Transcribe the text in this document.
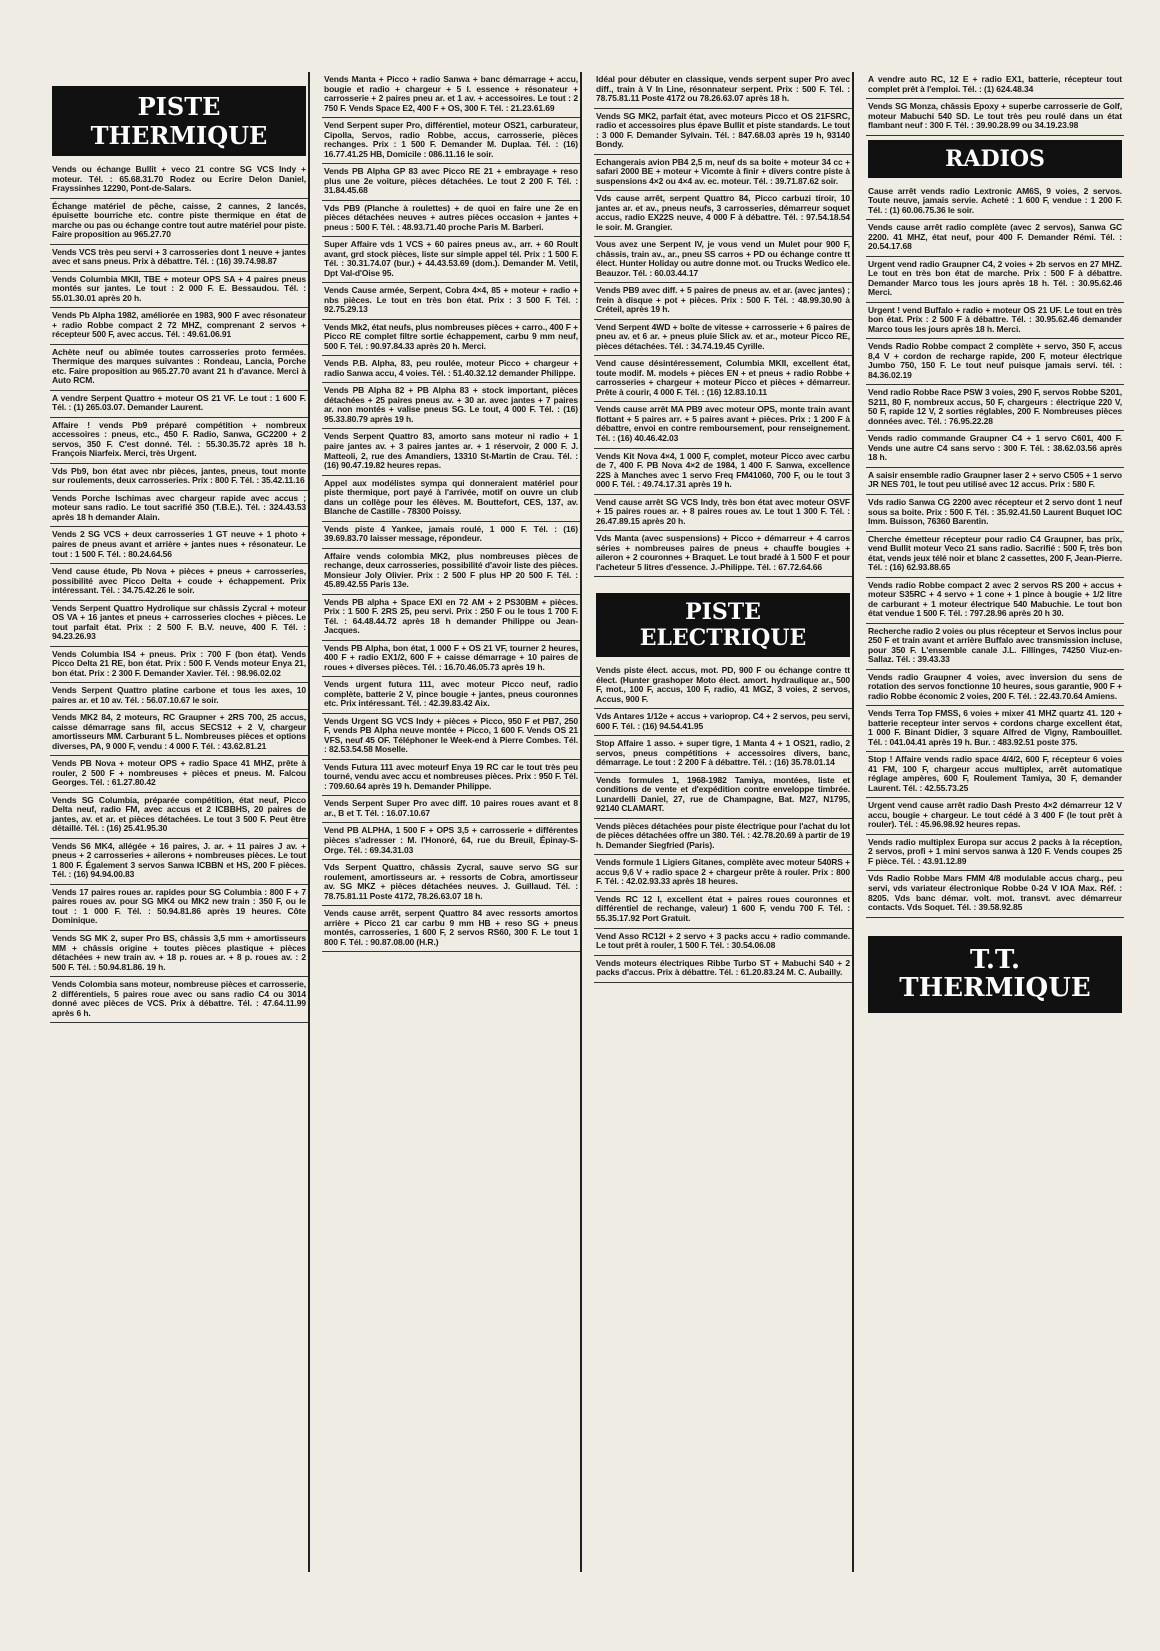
PISTE THERMIQUE
Vends ou échange Bullit + veco 21 contre SG VCS Indy + moteur. Tél. : 65.68.31.70 Rodez ou Ecrire Delon Daniel, Frayssinhes 12290, Pont-de-Salars.
Échange matériel de pêche, caisse, 2 cannes, 2 lancés, épuisette bourriche etc. contre piste thermique en état de marche ou pas ou échange contre tout autre matériel pour piste. Faire proposition au 965.27.70
Vends VCS très peu servi + 3 carrosseries dont 1 neuve + jantes avec et sans pneus. Prix à débattre. Tél. : (16) 39.74.98.87
Vends Columbia MKII, TBE + moteur OPS SA + 4 paires pneus montés sur jantes. Le tout : 2 000 F. E. Bessaudou. Tél. : 55.01.30.01 après 20 h.
Vends Pb Alpha 1982, améliorée en 1983, 900 F avec résonateur + radio Robbe compact 2 72 MHZ, comprenant 2 servos + récepteur 500 F, avec accus. Tél. : 49.61.06.91
Achète neuf ou abîmée toutes carrosseries proto fermées. Thermique des marques suivantes : Rondeau, Lancia, Porche etc. Faire proposition au 965.27.70 avant 21 h d'avance. Merci à Auto RCM.
A vendre Serpent Quattro + moteur OS 21 VF. Le tout : 1 600 F. Tél. : (1) 265.03.07. Demander Laurent.
Affaire ! vends Pb9 préparé compétition + nombreux accessoires : pneus, etc., 450 F. Radio, Sanwa, GC2200 + 2 servos, 350 F. C'est donné. Tél. : 55.30.35.72 après 18 h. François Niarfeix. Merci, très Urgent.
Vds Pb9, bon état avec nbr pièces, jantes, pneus, tout monte sur roulements, deux carrosseries. Prix : 800 F. Tél. : 35.42.11.16
Vends Porche Ischimas avec chargeur rapide avec accus ; moteur sans radio. Le tout sacrifié 350 (T.B.E.). Tél. : 324.43.53 après 18 h demander Alain.
Vends 2 SG VCS + deux carrosseries 1 GT neuve + 1 photo + paires de pneus avant et arrière + jantes nues + résonateur. Le tout : 1 500 F. Tél. : 80.24.64.56
Vend cause étude, Pb Nova + pièces + pneus + carrosseries, possibilité avec Picco Delta + coude + échappement. Prix intéressant. Tél. : 34.75.42.26 le soir.
Vends Serpent Quattro Hydrolique sur châssis Zycral + moteur OS VA + 16 jantes et pneus + carrosseries cloches + pièces. Le tout parfait état. Prix : 2 500 F. B.V. neuve, 400 F. Tél. : 94.23.26.93
Vends Columbia IS4 + pneus. Prix : 700 F (bon état). Vends Picco Delta 21 RE, bon état. Prix : 500 F. Vends moteur Enya 21, bon état. Prix : 2 300 F. Demander Xavier. Tél. : 98.96.02.02
Vends Serpent Quattro platine carbone et tous les axes, 10 paires ar. et 10 av. Tél. : 56.07.10.67 le soir.
Vends MK2 84, 2 moteurs, RC Graupner + 2RS 700, 25 accus, caisse démarrage sans fil, accus SECS12 + 2 V, chargeur amortisseurs MM. Carburant 5 L. Nombreuses pièces et options diverses, PA, 9 000 F, vendu : 4 000 F. Tél. : 43.62.81.21
Vends PB Nova + moteur OPS + radio Space 41 MHZ, prête à rouler, 2 500 F + nombreuses + pièces et pneus. M. Falcou Georges. Tél. : 61.27.80.42
Vends SG Columbia, préparée compétition, état neuf, Picco Delta neuf, radio FM, avec accus et 2 ICBBHS, 20 paires de jantes, av. et ar. et pièces détachées. Le tout 3 500 F. Peut être détaillé. Tél. : (16) 25.41.95.30
Vends S6 MK4, allégée + 16 paires, J. ar. + 11 paires J av. + pneus + 2 carrosseries + ailerons + nombreuses pièces. Le tout 1 800 F. Également 3 servos Sanwa ICBBN et HS, 200 F pièces. Tél. : (16) 94.94.00.83
Vends 17 paires roues ar. rapides pour SG Columbia : 800 F + 7 paires roues av. pour SG MK4 ou MK2 new train : 350 F, ou le tout : 1 000 F. Tél. : 50.94.81.86 après 19 heures. Côte Dominique.
Vends SG MK 2, super Pro BS, châssis 3,5 mm + amortisseurs MM + châssis origine + toutes pièces plastique + pièces détachées + new train av. + 18 p. roues ar. + 8 p. roues av. : 2 500 F. Tél. : 50.94.81.86. 19 h.
Vends Colombia sans moteur, nombreuse pièces et carrosserie, 2 différentiels, 5 paires roue avec ou sans radio C4 ou 3014 donné avec pièces de VCS. Prix à débattre. Tél. : 47.64.11.99 après 6 h.
Vends Manta + Picco + radio Sanwa + banc démarrage + accu, bougie et radio + chargeur + 5 l. essence + résonateur + carrosserie + 2 paires pneu ar. et 1 av. + accessoires. Le tout : 2 750 F. Vends Space E2, 400 F + OS, 300 F. Tél. : 21.23.61.69
Vend Serpent super Pro, différentiel, moteur OS21, carburateur, Cipolla, Servos, radio Robbe, accus, carrosserie, pièces rechanges. Prix : 1 500 F. Demander M. Duplaa. Tél. : (16) 16.77.41.25 HB, Domicile : 086.11.16 le soir.
Vends PB Alpha GP 83 avec Picco RE 21 + embrayage + reso plus une 2e voiture, pièces détachées. Le tout 2 200 F. Tél. : 31.84.45.68
Vds PB9 (Planche à roulettes) + de quoi en faire une 2e en pièces détachées neuves + autres pièces occasion + jantes + pneus : 500 F. Tél. : 48.93.71.40 proche Paris M. Barberi.
Super Affaire vds 1 VCS + 60 paires pneus av., arr. + 60 Roult avant, grd stock pièces, liste sur simple appel tél. Prix : 1 500 F. Tél. : 30.31.74.07 (bur.) + 44.43.53.69 (dom.). Demander M. Vetil, Dpt Val-d'Oise 95.
Vends Cause armée, Serpent, Cobra 4×4, 85 + moteur + radio + nbs pièces. Le tout en très bon état. Prix : 3 500 F. Tél. : 92.75.29.13
Vends Mk2, état neufs, plus nombreuses pièces + carro., 400 F + Picco RE complet filtre sortie échappement, carbu 9 mm neuf, 500 F. Tél. : 90.97.84.33 après 20 h. Merci.
Vends P.B. Alpha, 83, peu roulée, moteur Picco + chargeur + radio Sanwa accu, 4 voies. Tél. : 51.40.32.12 demander Philippe.
Vends PB Alpha 82 + PB Alpha 83 + stock important, pièces détachées + 25 paires pneus av. + 30 ar. avec jantes + 7 paires ar. non montés + valise pneus SG. Le tout, 4 000 F. Tél. : (16) 95.33.80.79 après 19 h.
Vends Serpent Quattro 83, amorto sans moteur ni radio + 1 paire jantes av. + 3 paires jantes ar. + 1 réservoir, 2 000 F. J. Matteoli, 2, rue des Amandiers, 13310 St-Martin de Crau. Tél. : (16) 90.47.19.82 heures repas.
Appel aux modélistes sympa qui donneraient matériel pour piste thermique, port payé à l'arrivée, motif on ouvre un club dans un collège pour les élèves. M. Bouttefort, CES, 137, av. Blanche de Castille - 78300 Poissy.
Vends piste 4 Yankee, jamais roulé, 1 000 F. Tél. : (16) 39.69.83.70 laisser message, répondeur.
Affaire vends colombia MK2, plus nombreuses pièces de rechange, deux carrosseries, possibilité d'avoir liste des pièces. Monsieur Joly Olivier. Prix : 2 500 F plus HP 20 500 F. Tél. : 45.89.42.55 Paris 13e.
Vends PB alpha + Space EXI en 72 AM + 2 PS30BM + pièces. Prix : 1 500 F. 2RS 25, peu servi. Prix : 250 F ou le tous 1 700 F. Tél. : 64.48.44.72 après 18 h demander Philippe ou Jean-Jacques.
Vends PB Alpha, bon état, 1 000 F + OS 21 VF, tourner 2 heures, 400 F + radio EX1/2, 600 F + caisse démarrage + 10 paires de roues + diverses pièces. Tél. : 16.70.46.05.73 après 19 h.
Vends urgent futura 111, avec moteur Picco neuf, radio complète, batterie 2 V, pince bougie + jantes, pneus couronnes etc. Prix intéressant. Tél. : 42.39.83.42 Aix.
Vends Urgent SG VCS Indy + pièces + Picco, 950 F et PB7, 250 F, vends PB Alpha neuve montée + Picco, 1 600 F. Vends OS 21 VFS, neuf 45 OF. Téléphoner le Week-end à Pierre Combes. Tél. : 82.53.54.58 Moselle.
Vends Futura 111 avec moteurf Enya 19 RC car le tout très peu tourné, vendu avec accu et nombreuses pièces. Prix : 950 F. Tél. : 709.60.64 après 19 h. Demander Philippe.
Vends Serpent Super Pro avec diff. 10 paires roues avant et 8 ar., B et T. Tél. : 16.07.10.67
Vend PB ALPHA, 1 500 F + OPS 3,5 + carrosserie + différentes pièces s'adresser : M. l'Honoré, 64, rue du Breuil, Épinay-S-Orge. Tél. : 69.34.31.03
Vds Serpent Quattro, châssis Zycral, sauve servo SG sur roulement, amortisseurs ar. + ressorts de Cobra, amortisseur av. SG MKZ + pièces détachées neuves. J. Guillaud. Tél. : 78.75.81.11 Poste 4172, 78.26.63.07 18 h.
Vends cause arrêt, serpent Quattro 84 avec ressorts amortos arrière + Picco 21 car carbu 9 mm HB + reso SG + pneus montés, carrosseries, 1 600 F, 2 servos RS60, 300 F. Le tout 1 800 F. Tél. : 90.87.08.00 (H.R.)
Idéal pour débuter en classique, vends serpent super Pro avec diff., train à V In Line, résonnateur serpent. Prix : 500 F. Tél. : 78.75.81.11 Poste 4172 ou 78.26.63.07 après 18 h.
Vends SG MK2, parfait état, avec moteurs Picco et OS 21FSRC, radio et accessoires plus épave Bullit et piste standards. Le tout : 3 000 F. Demander Sylvain. Tél. : 847.68.03 après 19 h, 93140 Bondy.
Echangerais avion PB4 2,5 m, neuf ds sa boite + moteur 34 cc + safari 2000 BE + moteur + Vicomte à finir + divers contre piste à suspensions 4×2 ou 4×4 av. ec. moteur. Tél. : 39.71.87.62 soir.
Vds cause arrêt, serpent Quattro 84, Picco carbuzi tiroir, 10 jantes ar. et av., pneus neufs, 3 carrosseries, démarreur soquet accus, radio EX22S neuve, 4 000 F à débattre. Tél. : 97.54.18.54 le soir. M. Grangier.
Vous avez une Serpent IV, je vous vend un Mulet pour 900 F, châssis, train av., ar., pneu SS carros + PD ou échange contre tt élect. Hunter Holiday ou autre donne mot. ou Trucks Wedico ele. Beauzor. Tél. : 60.03.44.17
Vends PB9 avec diff. + 5 paires de pneus av. et ar. (avec jantes) ; frein à disque + pot + pièces. Prix : 500 F. Tél. : 48.99.30.90 à Créteil, après 19 h.
Vend Serpent 4WD + boîte de vitesse + carrosserie + 6 paires de pneu av. et 6 ar. + pneus pluie Slick av. et ar., moteur Picco RE, pièces détachées. Tél. : 34.74.19.45 Cyrille.
Vend cause désintéressement, Columbia MKII, excellent état, toute modif. M. models + pièces EN + et pneus + radio Robbe + carrosseries + chargeur + moteur Picco et pièces + démarreur. Prête à courir, 4 000 F. Tél. : (16) 12.83.10.11
Vends cause arrêt MA PB9 avec moteur OPS, monte train avant flottant + 5 paires arr. + 5 paires avant + pièces. Prix : 1 200 F à débattre, envoi en contre remboursement, pour renseignement. Tél. : (16) 40.46.42.03
Vends Kit Nova 4×4, 1 000 F, complet, moteur Picco avec carbu de 7, 400 F. PB Nova 4×2 de 1984, 1 400 F. Sanwa, excellence 22S à Manches avec 1 servo Freq FM41060, 700 F, ou le tout 3 000 F. Tél. : 49.74.17.31 après 19 h.
Vend cause arrêt SG VCS Indy, très bon état avec moteur OSVF + 15 paires roues ar. + 8 paires roues av. Le tout 1 300 F. Tél. : 26.47.89.15 après 20 h.
Vds Manta (avec suspensions) + Picco + démarreur + 4 carros séries + nombreuses paires de pneus + chauffe bougies + aileron + 2 couronnes + Braquet. Le tout bradé à 1 500 F et pour l'acheteur 5 litres d'essence. J.-Philippe. Tél. : 67.72.64.66
PISTE ELECTRIQUE
Vends piste élect. accus, mot. PD, 900 F ou échange contre tt élect. (Hunter grashoper Moto élect. amort. hydraulique ar., 500 F, mot., 100 F, accus, 100 F, radio, 41 MGZ, 3 voies, 2 servos, Accus, 900 F.
Vds Antares 1/12e + accus + varioprop. C4 + 2 servos, peu servi, 600 F. Tél. : (16) 94.54.41.95
Stop Affaire 1 asso. + super tigre, 1 Manta 4 + 1 OS21, radio, 2 servos, pneus compétitions + accessoires divers, banc, démarrage. Le tout : 2 200 F à débattre. Tél. : (16) 35.78.01.14
Vends formules 1, 1968-1982 Tamiya, montées, liste et conditions de vente et d'expédition contre enveloppe timbrée. Lunardelli Daniel, 27, rue de Champagne, Bat. M27, N1795, 92140 CLAMART.
Vends pièces détachées pour piste électrique pour l'achat du lot de pièces détachées offre un 380. Tél. : 42.78.20.69 à partir de 19 h. Demander Siegfried (Paris).
Vends formule 1 Ligiers Gitanes, complète avec moteur 540RS + accus 9,6 V + radio space 2 + chargeur prête à rouler. Prix : 800 F. Tél. : 42.02.93.33 après 18 heures.
Vends RC 12 I, excellent état + paires roues couronnes et différentiel de rechange, valeur) 1 600 F, vendu 700 F. Tél. : 55.35.17.92 Port Gratuit.
Vend Asso RC12I + 2 servo + 3 packs accu + radio commande. Le tout prêt à rouler, 1 500 F. Tél. : 30.54.06.08
Vends moteurs électriques Ribbe Turbo ST + Mabuchi S40 + 2 packs d'accus. Prix à débattre. Tél. : 61.20.83.24 M. C. Aubailly.
A vendre auto RC, 12 E + radio EX1, batterie, récepteur tout complet prêt à l'emploi. Tél. : (1) 624.48.34
Vends SG Monza, châssis Epoxy + superbe carrosserie de Golf, moteur Mabuchi 540 SD. Le tout très peu roulé dans un état flambant neuf : 300 F. Tél. : 39.90.28.99 ou 34.19.23.98
RADIOS
Cause arrêt vends radio Lextronic AM6S, 9 voies, 2 servos. Toute neuve, jamais servie. Acheté : 1 600 F, vendue : 1 200 F. Tél. : (1) 60.06.75.36 le soir.
Vends cause arrêt radio complète (avec 2 servos), Sanwa GC 2200. 41 MHZ, état neuf, pour 400 F. Demander Rémi. Tél. : 20.54.17.68
Urgent vend radio Graupner C4, 2 voies + 2b servos en 27 MHZ. Le tout en très bon état de marche. Prix : 500 F à débattre. Demander Marco tous les jours après 18 h. Tél. : 30.95.62.46 Merci.
Urgent ! vend Buffalo + radio + moteur OS 21 UF. Le tout en très bon état. Prix : 2 500 F à débattre. Tél. : 30.95.62.46 demander Marco tous les jours après 18 h. Merci.
Vends Radio Robbe compact 2 complète + servo, 350 F, accus 8,4 V + cordon de recharge rapide, 200 F, moteur électrique Jumbo 750, 150 F. Le tout neuf puisque jamais servi. tél. : 84.36.02.19
Vend radio Robbe Race PSW 3 voies, 290 F, servos Robbe S201, S211, 80 F, nombreux accus, 50 F, chargeurs : électrique 220 V, 50 F, rapide 12 V, 2 sorties réglables, 200 F. Nombreuses pièces données avec. Tél. : 76.95.22.28
Vends radio commande Graupner C4 + 1 servo C601, 400 F. Vends une autre C4 sans servo : 300 F. Tél. : 38.62.03.56 après 18 h.
A saisir ensemble radio Graupner laser 2 + servo C505 + 1 servo JR NES 701, le tout peu utilisé avec 12 accus. Prix : 580 F.
Vds radio Sanwa CG 2200 avec récepteur et 2 servo dont 1 neuf sous sa boite. Prix : 500 F. Tél. : 35.92.41.50 Laurent Buquet IOC Imm. Buisson, 76360 Barentin.
Cherche émetteur récepteur pour radio C4 Graupner, bas prix, vend Bullit moteur Veco 21 sans radio. Sacrifié : 500 F, très bon état, vends jeux télé noir et blanc 2 cassettes, 200 F, Jean-Pierre. Tél. : (16) 62.93.88.65
Vends radio Robbe compact 2 avec 2 servos RS 200 + accus + moteur S35RC + 4 servo + 1 cone + 1 pince à bougie + 1/2 litre de carburant + 1 moteur électrique 540 Mabuchie. Le tout bon état vendue 1 500 F. Tél. : 797.28.96 après 20 h 30.
Recherche radio 2 voies ou plus récepteur et Servos inclus pour 250 F et train avant et arrière Buffalo avec transmission incluse, pour 350 F. L'ensemble canale J.L. Fillinges, 74250 Viuz-en-Sallaz. Tél. : 39.43.33
Vends radio Graupner 4 voies, avec inversion du sens de rotation des servos fonctionne 10 heures, sous garantie, 900 F + radio Robbe économic 2 voies, 200 F. Tél. : 22.43.70.64 Amiens.
Vends Terra Top FMSS, 6 voies + mixer 41 MHZ quartz 41. 120 + batterie recepteur inter servos + cordons charge excellent état, 1 000 F. Binant Didier, 3 square Alfred de Vigny, Rambouillet. Tél. : 041.04.41 après 19 h. Bur. : 483.92.51 poste 375.
Stop ! Affaire vends radio space 4/4/2, 600 F, récepteur 6 voies 41 FM, 100 F, chargeur accus multiplex, arrêt automatique réglage ampères, 600 F, Roulement Tamiya, 30 F, demander Laurent. Tél. : 42.55.73.25
Urgent vend cause arrêt radio Dash Presto 4×2 démarreur 12 V accu, bougie + chargeur. Le tout cédé à 3 400 F (le tout prêt à rouler). Tél. : 45.96.98.92 heures repas.
Vends radio multiplex Europa sur accus 2 packs à la réception, 2 servos, profi + 1 mini servos sanwa à 120 F. Vends coupes 25 F pièce. Tél. : 43.91.12.89
Vds Radio Robbe Mars FMM 4/8 modulable accus charg., peu servi, vds variateur électronique Robbe 0-24 V IOA Max. Réf. : 8205. Vds banc démar. volt. mot. transvt. avec démarreur contacts. Vds Soquet. Tél. : 39.58.92.85
T.T.
THERMIQUE
